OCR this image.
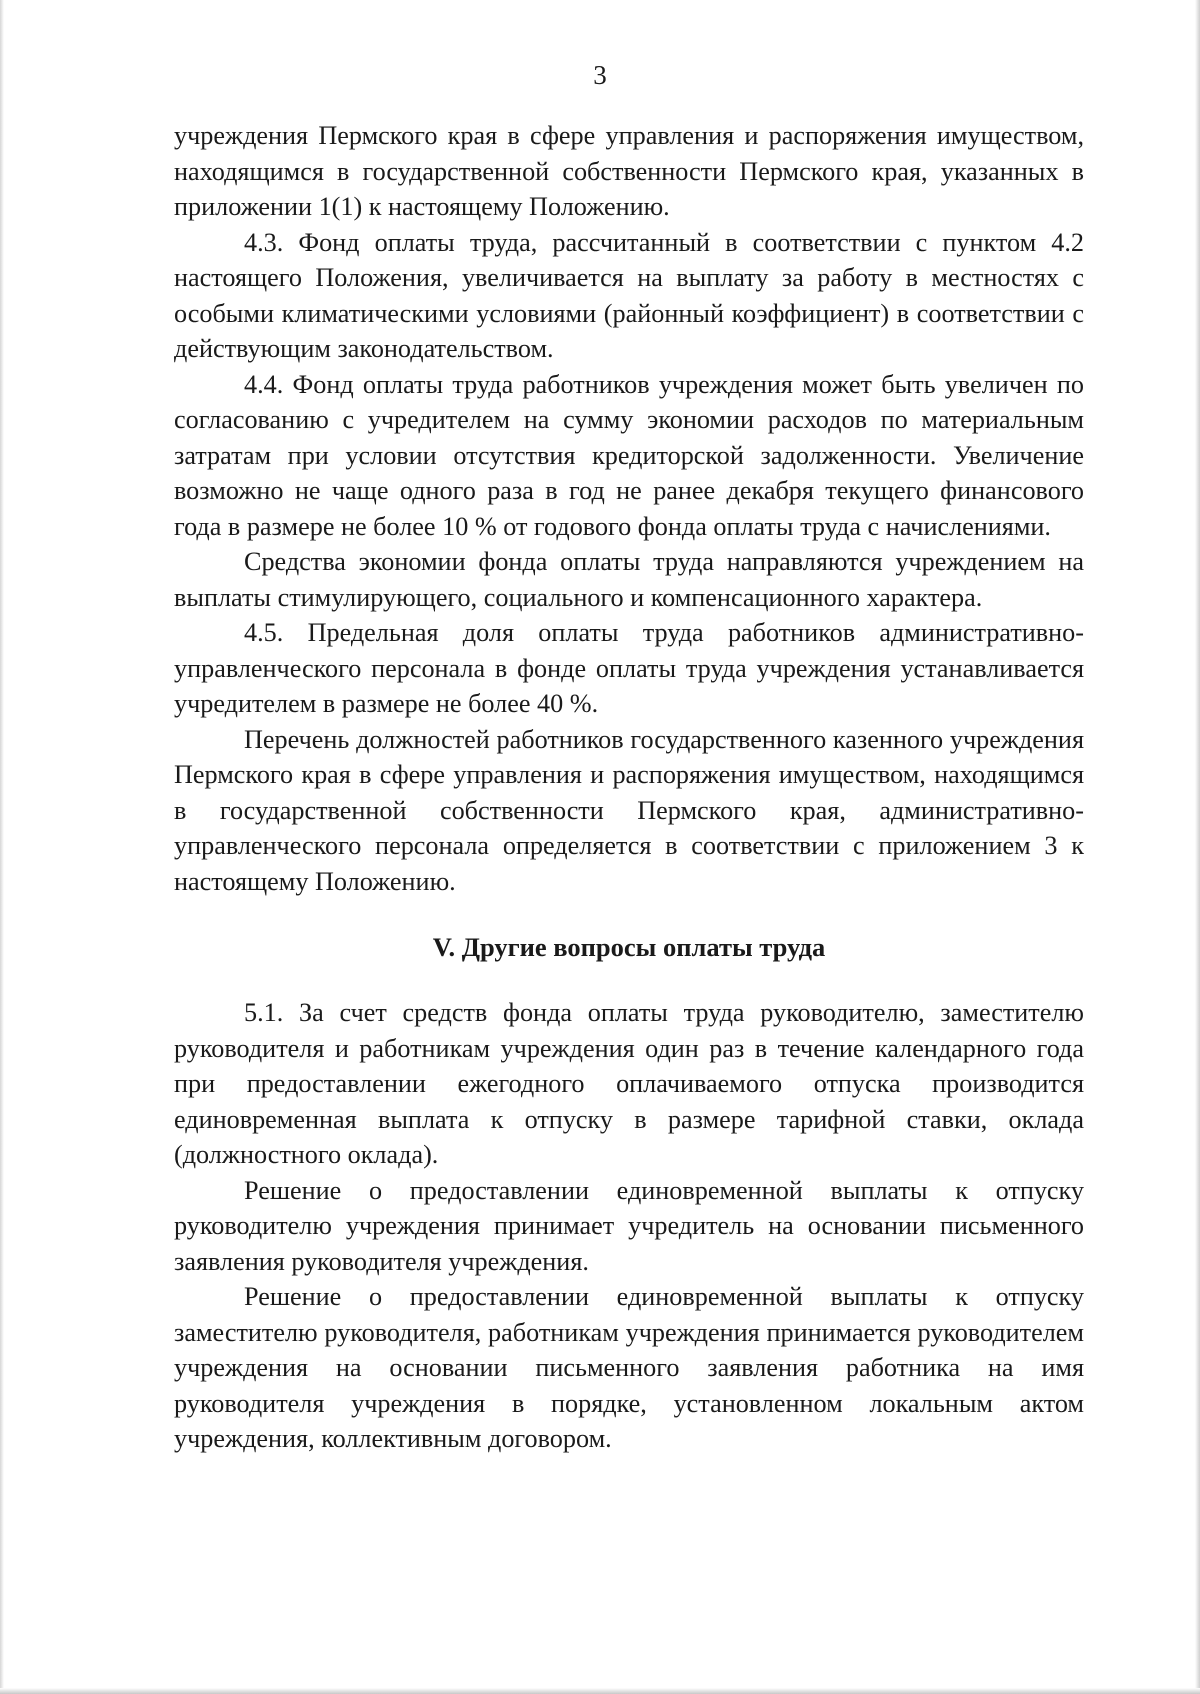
3

учреждения Пермского края в сфере управления и распоряжения имуществом, находящимся в государственной собственности Пермского края, указанных в приложении 1(1) к настоящему Положению.

4.3. Фонд оплаты труда, рассчитанный в соответствии с пунктом 4.2 настоящего Положения, увеличивается на выплату за работу в местностях с особыми климатическими условиями (районный коэффициент) в соответствии с действующим законодательством.

4.4. Фонд оплаты труда работников учреждения может быть увеличен по согласованию с учредителем на сумму экономии расходов по материальным затратам при условии отсутствия кредиторской задолженности. Увеличение возможно не чаще одного раза в год не ранее декабря текущего финансового года в размере не более 10 % от годового фонда оплаты труда с начислениями.

Средства экономии фонда оплаты труда направляются учреждением на выплаты стимулирующего, социального и компенсационного характера.

4.5. Предельная доля оплаты труда работников административно-управленческого персонала в фонде оплаты труда учреждения устанавливается учредителем в размере не более 40 %.

Перечень должностей работников государственного казенного учреждения Пермского края в сфере управления и распоряжения имуществом, находящимся в государственной собственности Пермского края, административно-управленческого персонала определяется в соответствии с приложением 3 к настоящему Положению.

V. Другие вопросы оплаты труда

5.1. За счет средств фонда оплаты труда руководителю, заместителю руководителя и работникам учреждения один раз в течение календарного года при предоставлении ежегодного оплачиваемого отпуска производится единовременная выплата к отпуску в размере тарифной ставки, оклада (должностного оклада).

Решение о предоставлении единовременной выплаты к отпуску руководителю учреждения принимает учредитель на основании письменного заявления руководителя учреждения.

Решение о предоставлении единовременной выплаты к отпуску заместителю руководителя, работникам учреждения принимается руководителем учреждения на основании письменного заявления работника на имя руководителя учреждения в порядке, установленном локальным актом учреждения, коллективным договором.
